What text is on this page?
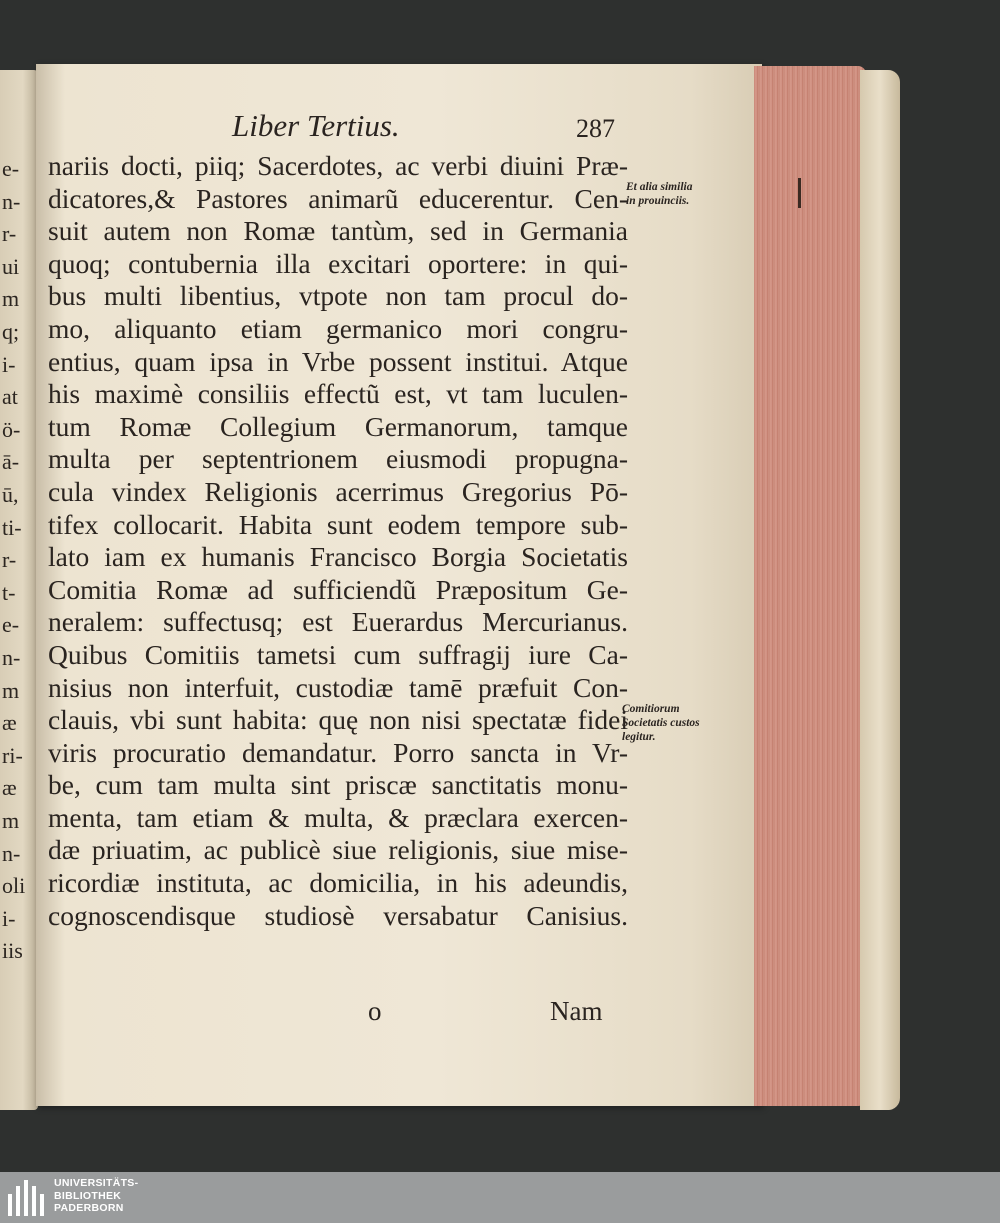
e-
n-
r-
ui
m
q;
i-
at
ö-
ā-
ū,
ti-
r-
t-
e-
n-
m
æ
ri-
æ
m
n-
oli
i-
iis
Liber Tertius.	287
nariis docti, piiq; Sacerdotes, ac verbi diuini Præ-
dicatores,& Pastores animarũ educerentur. Cen-
suit autem non Romæ tantùm, sed in Germania
quoq; contubernia illa excitari oportere: in qui-
bus multi libentius, vtpote non tam procul do-
mo, aliquanto etiam germanico mori congru-
entius, quam ipsa in Vrbe possent institui. Atque
his maximè consiliis effectũ est, vt tam luculen-
tum Romæ Collegium Germanorum, tamque
multa per septentrionem eiusmodi propugna-
cula vindex Religionis acerrimus Gregorius Pō-
tifex collocarit. Habita sunt eodem tempore sub-
lato iam ex humanis Francisco Borgia Societatis
Comitia Romæ ad sufficiendũ Præpositum Ge-
neralem: suffectusq; est Euerardus Mercurianus.
Quibus Comitiis tametsi cum suffragij iure Ca-
nisius non interfuit, custodiæ tamē præfuit Con-
clauis, vbi sunt habita: quę non nisi spectatæ fidei
viris procuratio demandatur. Porro sancta in Vr-
be, cum tam multa sint priscæ sanctitatis monu-
menta, tam etiam & multa, & præclara exercen-
dæ priuatim, ac publicè siue religionis, siue mise-
ricordiæ instituta, ac domicilia, in his adeundis,
cognoscendisque studiosè versabatur Canisius.
o	Nam
Et alia similia
in prouinciis.
Comitiorum
Societatis custos
legitur.
UNIVERSITÄTS-
BIBLIOTHEK
PADERBORN
